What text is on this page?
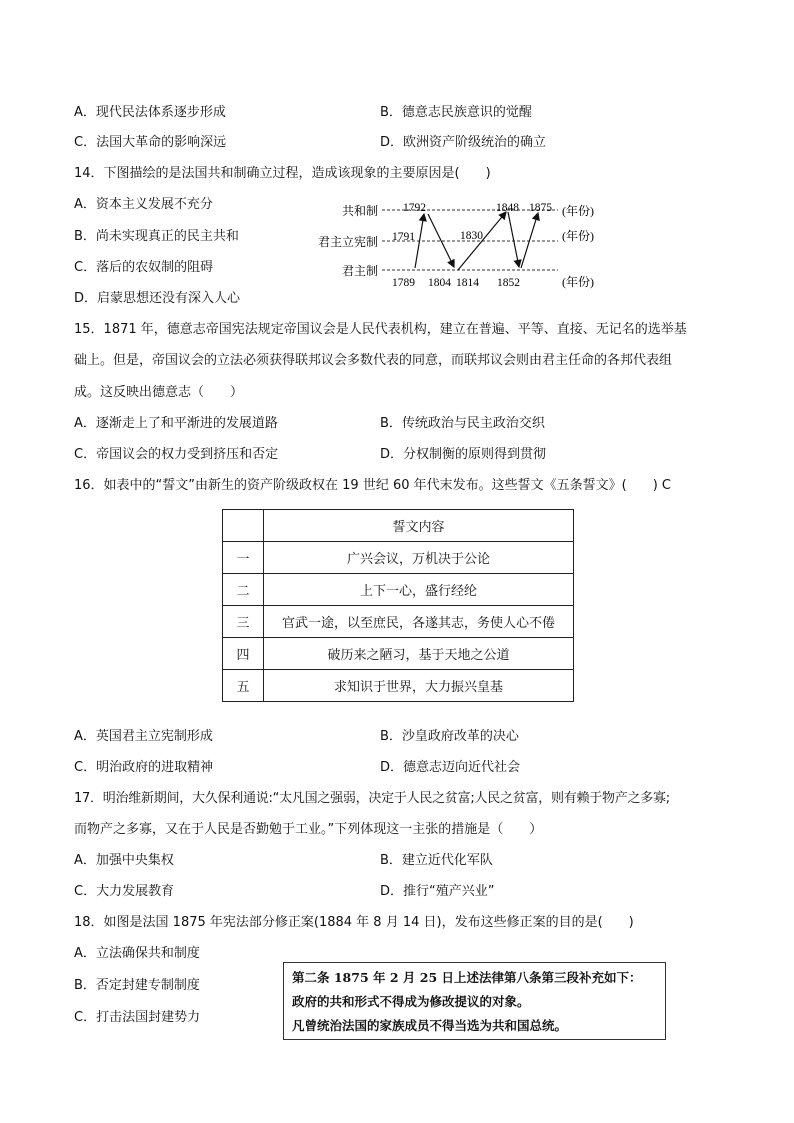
A．现代民法体系逐步形成	B．德意志民族意识的觉醒
C．法国大革命的影响深远	D．欧洲资产阶级统治的确立
14．下图描绘的是法国共和制确立过程，造成该现象的主要原因是(　　)
A．资本主义发展不充分
B．尚未实现真正的民主共和
C．落后的农奴制的阻碍
D．启蒙思想还没有深入人心
共和制
君主立宪制
君主制
(年份)
(年份)
(年份)
1792	1848 1875
1791	1830
1789 1804 1814 1852
15．1871 年，德意志帝国宪法规定帝国议会是人民代表机构，建立在普遍、平等、直接、无记名的选举基
础上。但是，帝国议会的立法必须获得联邦议会多数代表的同意，而联邦议会则由君主任命的各邦代表组
成。这反映出德意志（　　）
A．逐渐走上了和平渐进的发展道路	B．传统政治与民主政治交织
C．帝国议会的权力受到挤压和否定	D．分权制衡的原则得到贯彻
16．如表中的“誓文”由新生的资产阶级政权在 19 世纪 60 年代末发布。这些誓文《五条誓文》(　　) C
	誓文内容
一	广兴会议，万机决于公论
二	上下一心，盛行经纶
三	官武一途，以至庶民，各遂其志，务使人心不倦
四	破历来之陋习，基于天地之公道
五	求知识于世界，大力振兴皇基
A．英国君主立宪制形成	B．沙皇政府改革的决心
C．明治政府的进取精神	D．德意志迈向近代社会
17．明治维新期间，大久保利通说:“太凡国之强弱，决定于人民之贫富;人民之贫富，则有赖于物产之多寡;
而物产之多寡，又在于人民是否勤勉于工业。”下列体现这一主张的措施是（　　）
A．加强中央集权	B．建立近代化军队
C．大力发展教育	D．推行“殖产兴业”
18．如图是法国 1875 年宪法部分修正案(1884 年 8 月 14 日)，发布这些修正案的目的是(　　)
A．立法确保共和制度
B．否定封建专制制度
C．打击法国封建势力
第二条 1875 年 2 月 25 日上述法律第八条第三段补充如下：
政府的共和形式不得成为修改提议的对象。
凡曾统治法国的家族成员不得当选为共和国总统。
